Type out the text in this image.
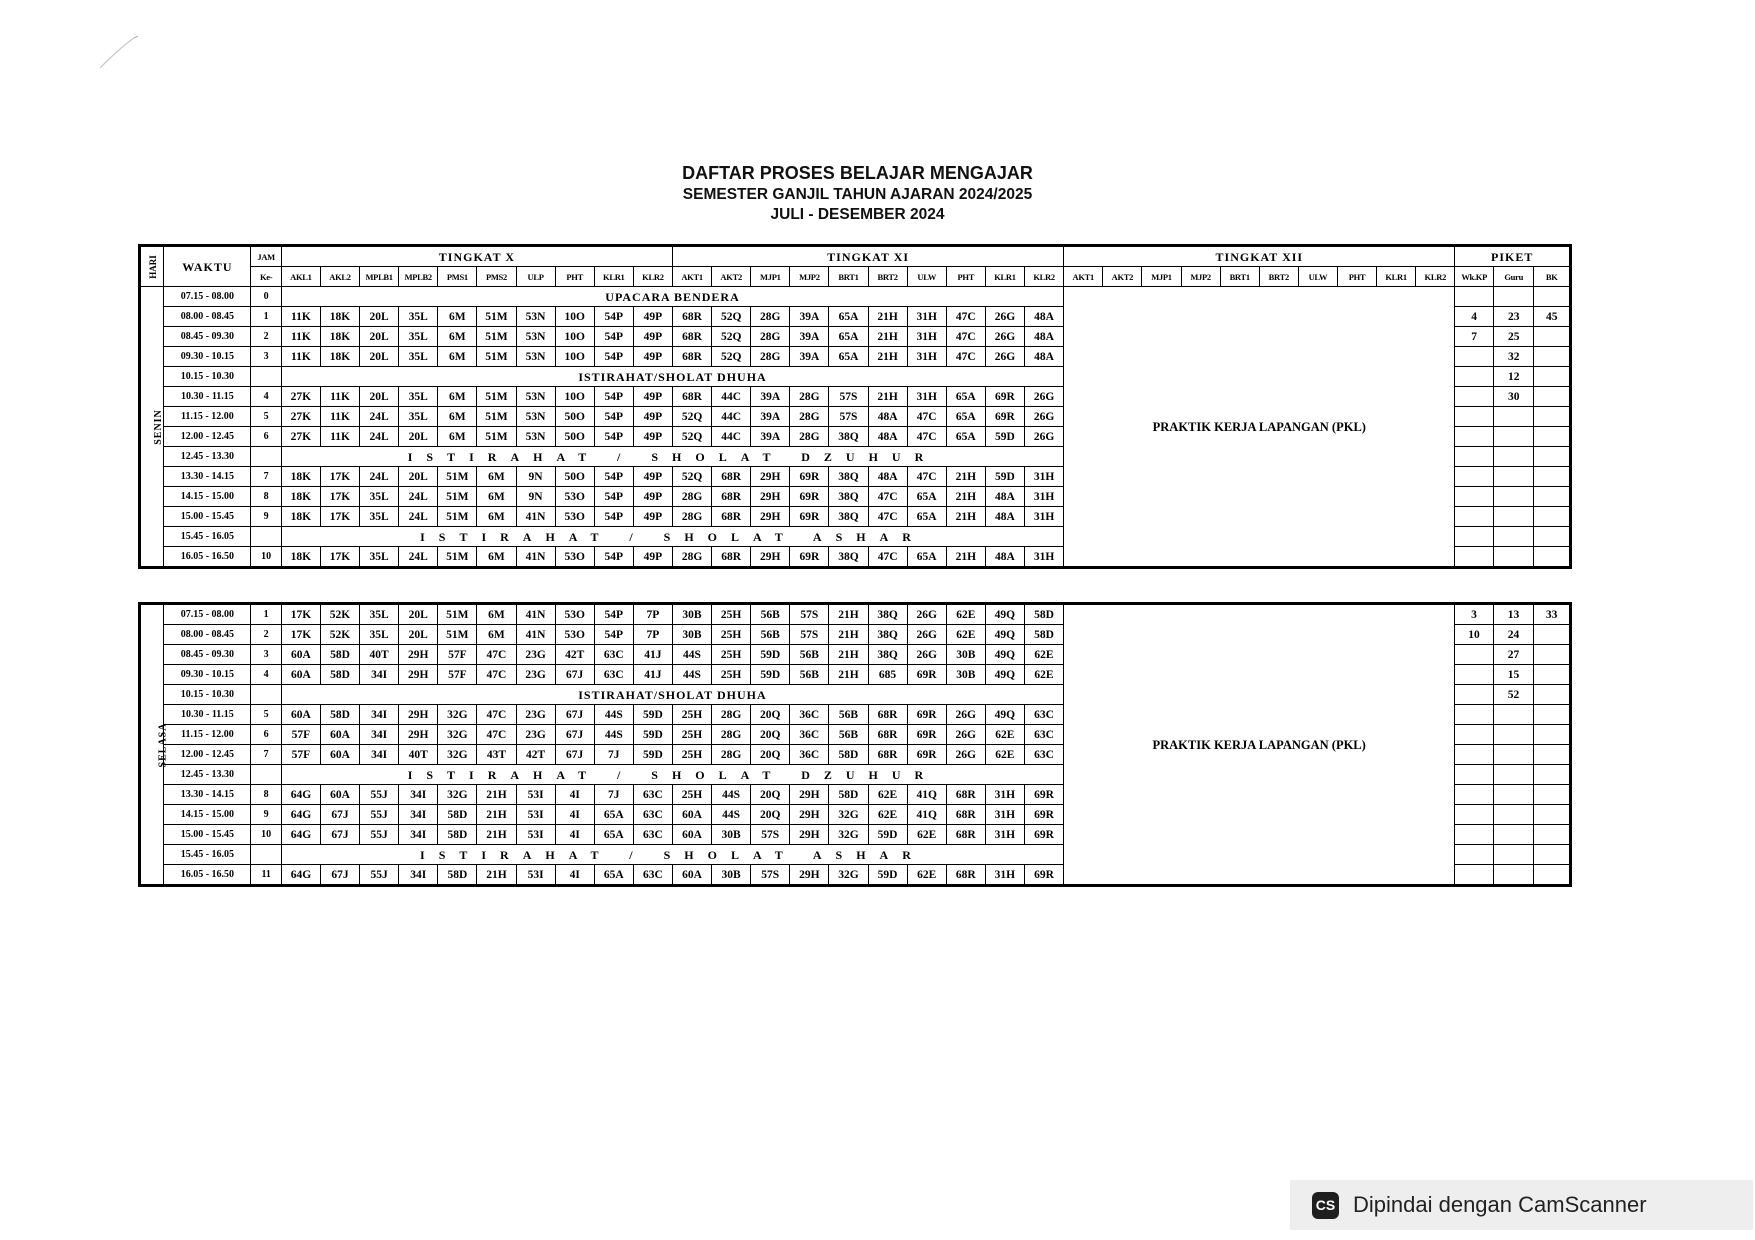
DAFTAR PROSES BELAJAR MENGAJAR
SEMESTER GANJIL TAHUN AJARAN 2024/2025
JULI - DESEMBER 2024
HARI	WAKTU	JAM	TINGKAT X										TINGKAT XI										TINGKAT XII										PIKET		
		Ke-	AKL1	AKL2	MPLB1	MPLB2	PMS1	PMS2	ULP	PHT	KLR1	KLR2	AKT1	AKT2	MJP1	MJP2	BRT1	BRT2	ULW	PHT	KLR1	KLR2	AKT1	AKT2	MJP1	MJP2	BRT1	BRT2	ULW	PHT	KLR1	KLR2	Wk.KP	Guru	BK
SENIN	07.15 - 08.00	0	UPACARA BENDERA																				PRAKTIK KERJA LAPANGAN (PKL)												
	08.00 - 08.45	1	11K	18K	20L	35L	6M	51M	53N	10O	54P	49P	68R	52Q	28G	39A	65A	21H	31H	47C	26G	48A											4	23	45
	08.45 - 09.30	2	11K	18K	20L	35L	6M	51M	53N	10O	54P	49P	68R	52Q	28G	39A	65A	21H	31H	47C	26G	48A											7	25	
	09.30 - 10.15	3	11K	18K	20L	35L	6M	51M	53N	10O	54P	49P	68R	52Q	28G	39A	65A	21H	31H	47C	26G	48A												32	
	10.15 - 10.30		ISTIRAHAT/SHOLAT DHUHA																															12	
	10.30 - 11.15	4	27K	11K	20L	35L	6M	51M	53N	10O	54P	49P	68R	44C	39A	28G	57S	21H	31H	65A	69R	26G												30	
	11.15 - 12.00	5	27K	11K	24L	35L	6M	51M	53N	50O	54P	49P	52Q	44C	39A	28G	57S	48A	47C	65A	69R	26G													
	12.00 - 12.45	6	27K	11K	24L	20L	6M	51M	53N	50O	54P	49P	52Q	44C	39A	28G	38Q	48A	47C	65A	59D	26G													
	12.45 - 13.30		ISTIRAHAT / SHOLAT DZUHUR																																
	13.30 - 14.15	7	18K	17K	24L	20L	51M	6M	9N	50O	54P	49P	52Q	68R	29H	69R	38Q	48A	47C	21H	59D	31H													
	14.15 - 15.00	8	18K	17K	35L	24L	51M	6M	9N	53O	54P	49P	28G	68R	29H	69R	38Q	47C	65A	21H	48A	31H													
	15.00 - 15.45	9	18K	17K	35L	24L	51M	6M	41N	53O	54P	49P	28G	68R	29H	69R	38Q	47C	65A	21H	48A	31H													
	15.45 - 16.05		ISTIRAHAT / SHOLAT ASHAR																																
	16.05 - 16.50	10	18K	17K	35L	24L	51M	6M	41N	53O	54P	49P	28G	68R	29H	69R	38Q	47C	65A	21H	48A	31H													
SELASA	07.15 - 08.00	1	17K	52K	35L	20L	51M	6M	41N	53O	54P	7P	30B	25H	56B	57S	21H	38Q	26G	62E	49Q	58D	PRAKTIK KERJA LAPANGAN (PKL)	3	13	33
	08.00 - 08.45	2	17K	52K	35L	20L	51M	6M	41N	53O	54P	7P	30B	25H	56B	57S	21H	38Q	26G	62E	49Q	58D		10	24	
	08.45 - 09.30	3	60A	58D	40T	29H	57F	47C	23G	42T	63C	41J	44S	25H	59D	56B	21H	38Q	26G	30B	49Q	62E			27	
	09.30 - 10.15	4	60A	58D	34I	29H	57F	47C	23G	67J	63C	41J	44S	25H	59D	56B	21H	685	69R	30B	49Q	62E			15	
	10.15 - 10.30		ISTIRAHAT/SHOLAT DHUHA																						52	
	10.30 - 11.15	5	60A	58D	34I	29H	32G	47C	23G	67J	44S	59D	25H	28G	20Q	36C	56B	68R	69R	26G	49Q	63C				
	11.15 - 12.00	6	57F	60A	34I	29H	32G	47C	23G	67J	44S	59D	25H	28G	20Q	36C	56B	68R	69R	26G	62E	63C				
	12.00 - 12.45	7	57F	60A	34I	40T	32G	43T	42T	67J	7J	59D	25H	28G	20Q	36C	58D	68R	69R	26G	62E	63C				
	12.45 - 13.30		ISTIRAHAT / SHOLAT DZUHUR																							
	13.30 - 14.15	8	64G	60A	55J	34I	32G	21H	53I	4I	7J	63C	25H	44S	20Q	29H	58D	62E	41Q	68R	31H	69R				
	14.15 - 15.00	9	64G	67J	55J	34I	58D	21H	53I	4I	65A	63C	60A	44S	20Q	29H	32G	62E	41Q	68R	31H	69R				
	15.00 - 15.45	10	64G	67J	55J	34I	58D	21H	53I	4I	65A	63C	60A	30B	57S	29H	32G	59D	62E	68R	31H	69R				
	15.45 - 16.05		ISTIRAHAT / SHOLAT ASHAR																							
	16.05 - 16.50	11	64G	67J	55J	34I	58D	21H	53I	4I	65A	63C	60A	30B	57S	29H	32G	59D	62E	68R	31H	69R				
CS Dipindai dengan CamScanner
